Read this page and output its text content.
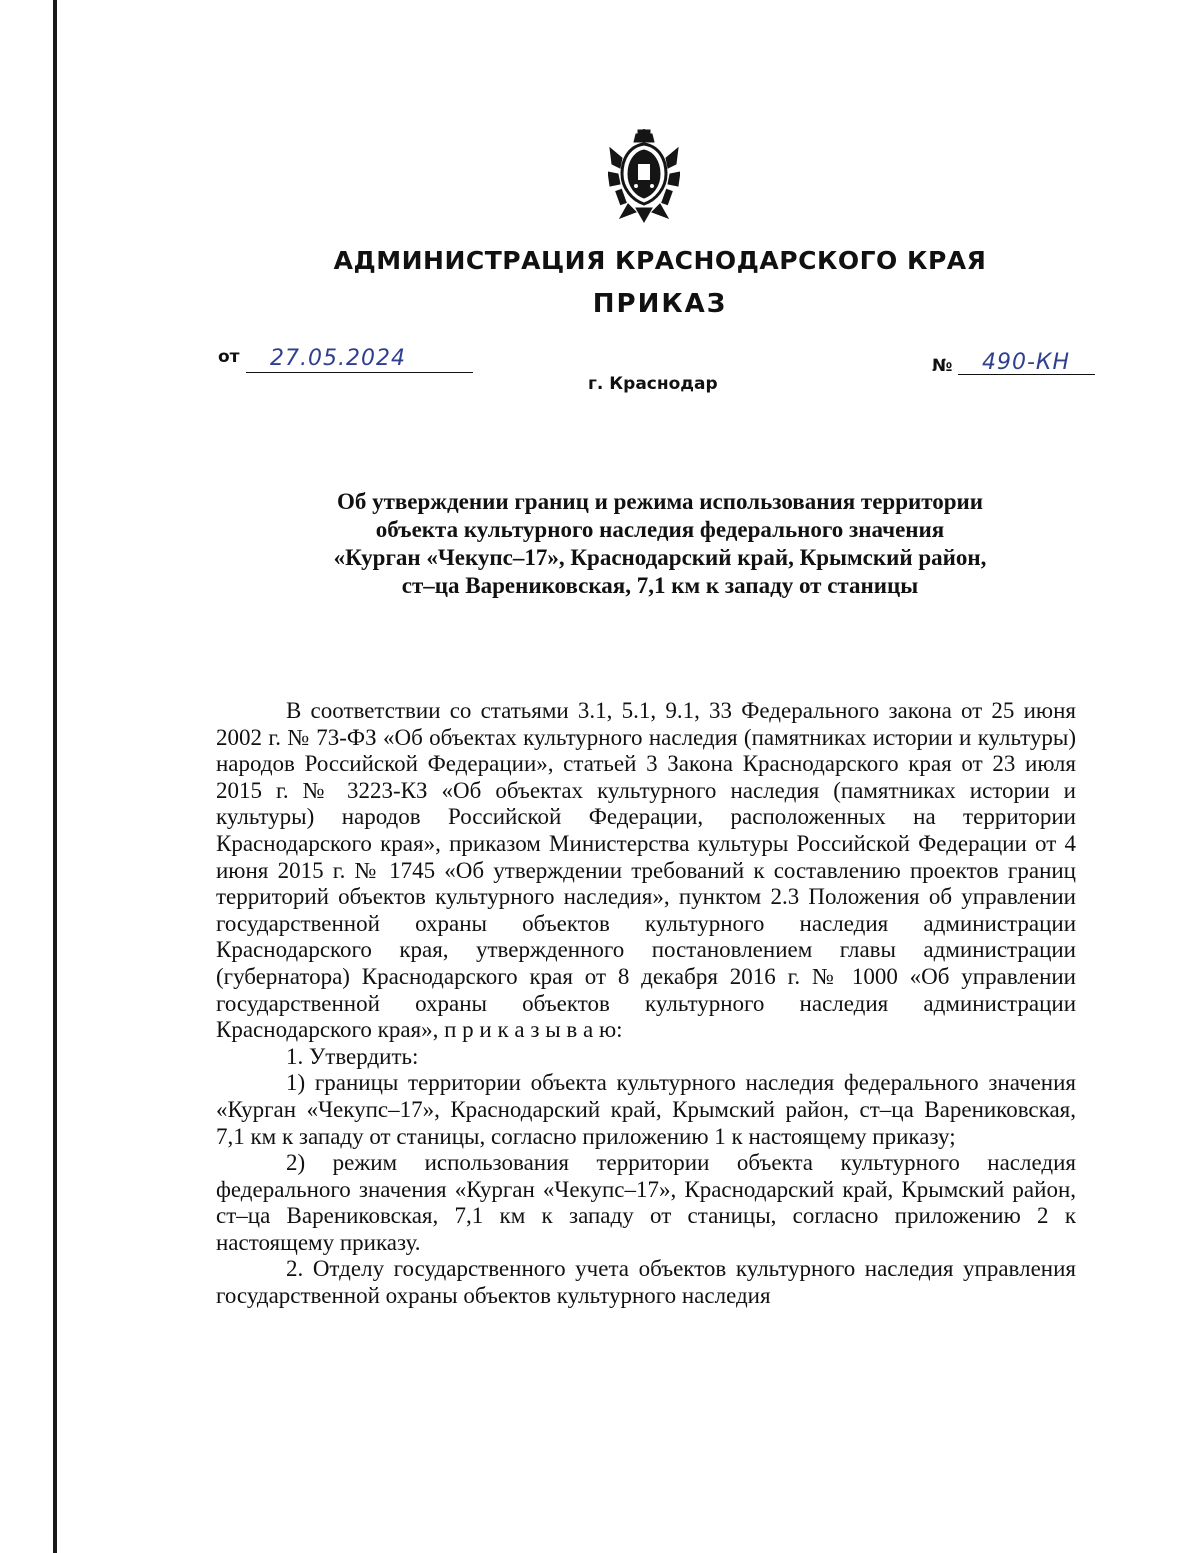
АДМИНИСТРАЦИЯ КРАСНОДАРСКОГО КРАЯ
ПРИКАЗ
от 27.05.2024	№ 490-КН
г. Краснодар
Об утверждении границ и режима использования территории
объекта культурного наследия федерального значения
«Курган «Чекупс–17», Краснодарский край, Крымский район,
ст–ца Варениковская, 7,1 км к западу от станицы

В соответствии со статьями 3.1, 5.1, 9.1, 33 Федерального закона от 25 июня 2002 г. № 73-ФЗ «Об объектах культурного наследия (памятниках истории и культуры) народов Российской Федерации», статьей 3 Закона Краснодарского края от 23 июля 2015 г. № 3223-КЗ «Об объектах культурного наследия (памятниках истории и культуры) народов Российской Федерации, расположенных на территории Краснодарского края», приказом Министерства культуры Российской Федерации от 4 июня 2015 г. № 1745 «Об утверждении требований к составлению проектов границ территорий объектов культурного наследия», пунктом 2.3 Положения об управлении государственной охраны объектов культурного наследия администрации Краснодарского края, утвержденного постановлением главы администрации (губернатора) Краснодарского края от 8 декабря 2016 г. № 1000 «Об управлении государственной охраны объектов культурного наследия администрации Краснодарского края», п р и к а з ы в а ю:

1. Утвердить:

1) границы территории объекта культурного наследия федерального значения «Курган «Чекупс–17», Краснодарский край, Крымский район, ст–ца Варениковская, 7,1 км к западу от станицы, согласно приложению 1 к настоящему приказу;

2) режим использования территории объекта культурного наследия федерального значения «Курган «Чекупс–17», Краснодарский край, Крымский район, ст–ца Варениковская, 7,1 км к западу от станицы, согласно приложению 2 к настоящему приказу.

2. Отделу государственного учета объектов культурного наследия управления государственной охраны объектов культурного наследия
